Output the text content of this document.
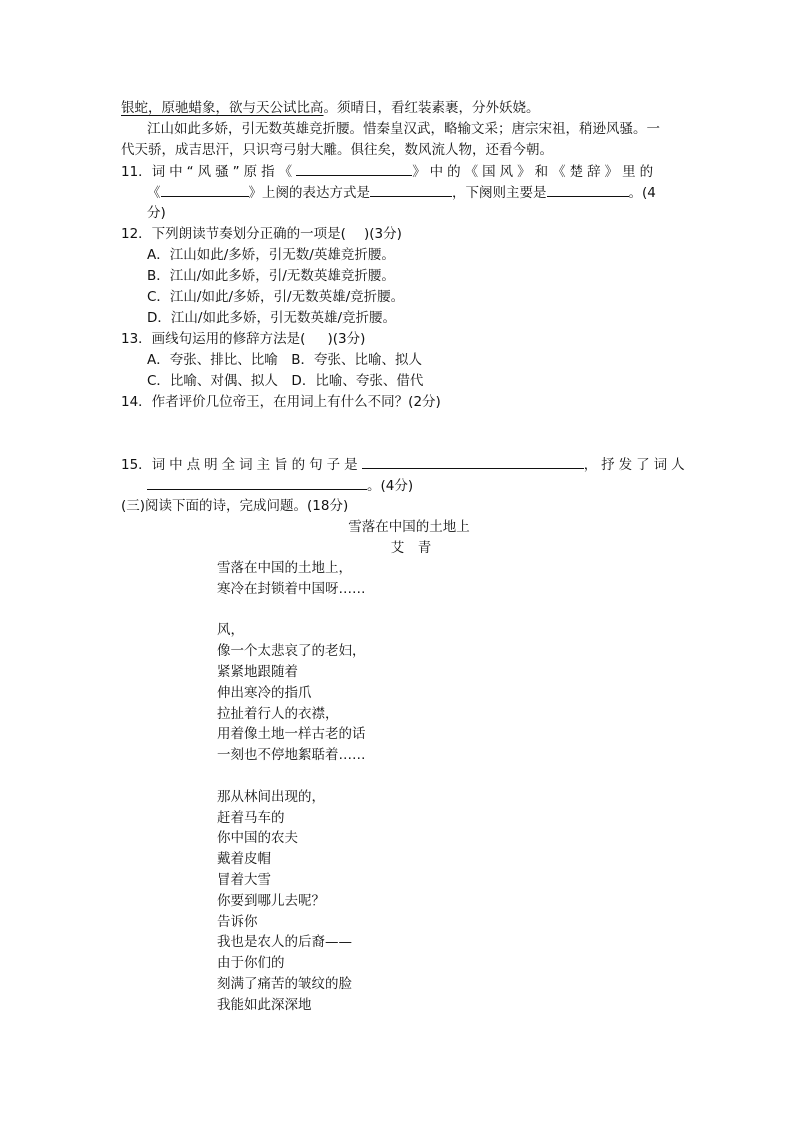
银蛇，原驰蜡象，欲与天公试比高。须晴日，看红装素裹，分外妖娆。
江山如此多娇，引无数英雄竞折腰。惜秦皇汉武，略输文采；唐宗宋祖，稍逊风骚。一
代天骄，成吉思汗，只识弯弓射大雕。俱往矣，数风流人物，还看今朝。
11．词中“风骚”原指《	》中的《国风》和《楚辞》里的
《	》上阕的表达方式是	，下阕则主要是	。(4
分)
12．下列朗读节奏划分正确的一项是( )(3分)
A．江山如此/多娇，引无数/英雄竞折腰。
B．江山/如此多娇，引/无数英雄竞折腰。
C．江山/如此/多娇，引/无数英雄/竞折腰。
D．江山/如此多娇，引无数英雄/竞折腰。
13．画线句运用的修辞方法是( )(3分)
A．夸张、排比、比喻　B．夸张、比喻、拟人
C．比喻、对偶、拟人　D．比喻、夸张、借代
14．作者评价几位帝王，在用词上有什么不同？(2分)
15．词中点明全词主旨的句子是	，抒发了词人
。(4分)
(三)阅读下面的诗，完成问题。(18分)
雪落在中国的土地上
艾　青
雪落在中国的土地上，
寒冷在封锁着中国呀……
风，
像一个太悲哀了的老妇，
紧紧地跟随着
伸出寒冷的指爪
拉扯着行人的衣襟，
用着像土地一样古老的话
一刻也不停地絮聒着……
那从林间出现的，
赶着马车的
你中国的农夫
戴着皮帽
冒着大雪
你要到哪儿去呢？
告诉你
我也是农人的后裔——
由于你们的
刻满了痛苦的皱纹的脸
我能如此深深地
